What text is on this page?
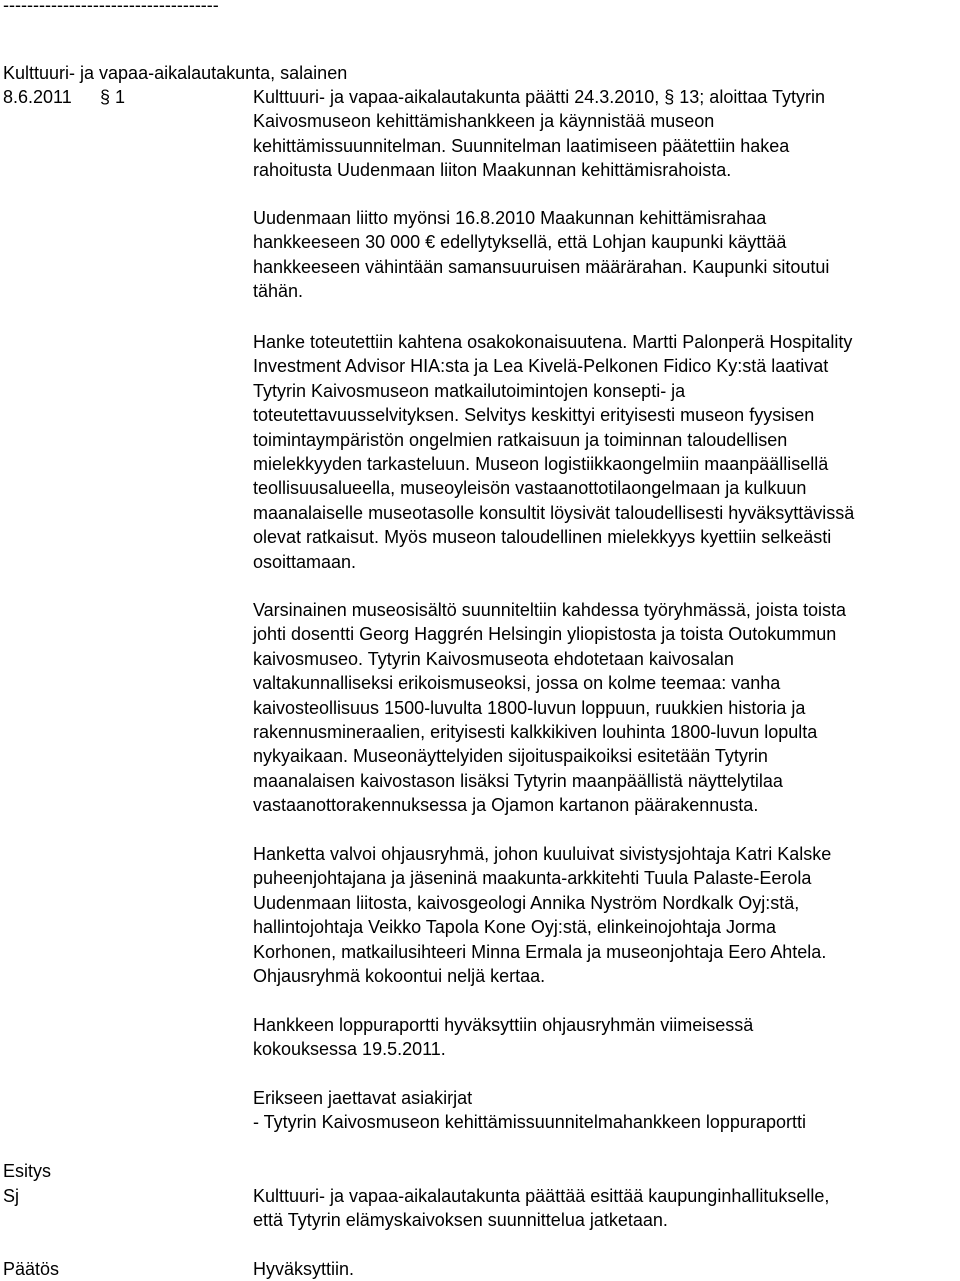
------------------------------------
Kulttuuri- ja vapaa-aikalautakunta, salainen
8.6.2011 § 1	Kulttuuri- ja vapaa-aikalautakunta päätti 24.3.2010, § 13; aloittaa Tytyrin
Kaivosmuseon kehittämishankkeen ja käynnistää museon
kehittämissuunnitelman. Suunnitelman laatimiseen päätettiin hakea
rahoitusta Uudenmaan liiton Maakunnan kehittämisrahoista.
Uudenmaan liitto myönsi 16.8.2010 Maakunnan kehittämisrahaa
hankkeeseen 30 000 € edellytyksellä, että Lohjan kaupunki käyttää
hankkeeseen vähintään samansuuruisen määrärahan. Kaupunki sitoutui
tähän.
Hanke toteutettiin kahtena osakokonaisuutena. Martti Palonperä Hospitality
Investment Advisor HIA:sta ja Lea Kivelä-Pelkonen Fidico Ky:stä laativat
Tytyrin Kaivosmuseon matkailutoimintojen konsepti- ja
toteutettavuusselvityksen. Selvitys keskittyi erityisesti museon fyysisen
toimintaympäristön ongelmien ratkaisuun ja toiminnan taloudellisen
mielekkyyden tarkasteluun. Museon logistiikkaongelmiin maanpäällisellä
teollisuusalueella, museoyleisön vastaanottotilaongelmaan ja kulkuun
maanalaiselle museotasolle konsultit löysivät taloudellisesti hyväksyttävissä
olevat ratkaisut. Myös museon taloudellinen mielekkyys kyettiin selkeästi
osoittamaan.
Varsinainen museosisältö suunniteltiin kahdessa työryhmässä, joista toista
johti dosentti Georg Haggrén Helsingin yliopistosta ja toista Outokummun
kaivosmuseo. Tytyrin Kaivosmuseota ehdotetaan kaivosalan
valtakunnalliseksi erikoismuseoksi, jossa on kolme teemaa: vanha
kaivosteollisuus 1500-luvulta 1800-luvun loppuun, ruukkien historia ja
rakennusmineraalien, erityisesti kalkkikiven louhinta 1800-luvun lopulta
nykyaikaan. Museonäyttelyiden sijoituspaikoiksi esitetään Tytyrin
maanalaisen kaivostason lisäksi Tytyrin maanpäällistä näyttelytilaa
vastaanottorakennuksessa ja Ojamon kartanon päärakennusta.
Hanketta valvoi ohjausryhmä, johon kuuluivat sivistysjohtaja Katri Kalske
puheenjohtajana ja jäseninä maakunta-arkkitehti Tuula Palaste-Eerola
Uudenmaan liitosta, kaivosgeologi Annika Nyström Nordkalk Oyj:stä,
hallintojohtaja Veikko Tapola Kone Oyj:stä, elinkeinojohtaja Jorma
Korhonen, matkailusihteeri Minna Ermala ja museonjohtaja Eero Ahtela.
Ohjausryhmä kokoontui neljä kertaa.
Hankkeen loppuraportti hyväksyttiin ohjausryhmän viimeisessä
kokouksessa 19.5.2011.
Erikseen jaettavat asiakirjat
- Tytyrin Kaivosmuseon kehittämissuunnitelmahankkeen loppuraportti
Esitys
Sj	Kulttuuri- ja vapaa-aikalautakunta päättää esittää kaupunginhallitukselle,
että Tytyrin elämyskaivoksen suunnittelua jatketaan.
Päätös	Hyväksyttiin.
